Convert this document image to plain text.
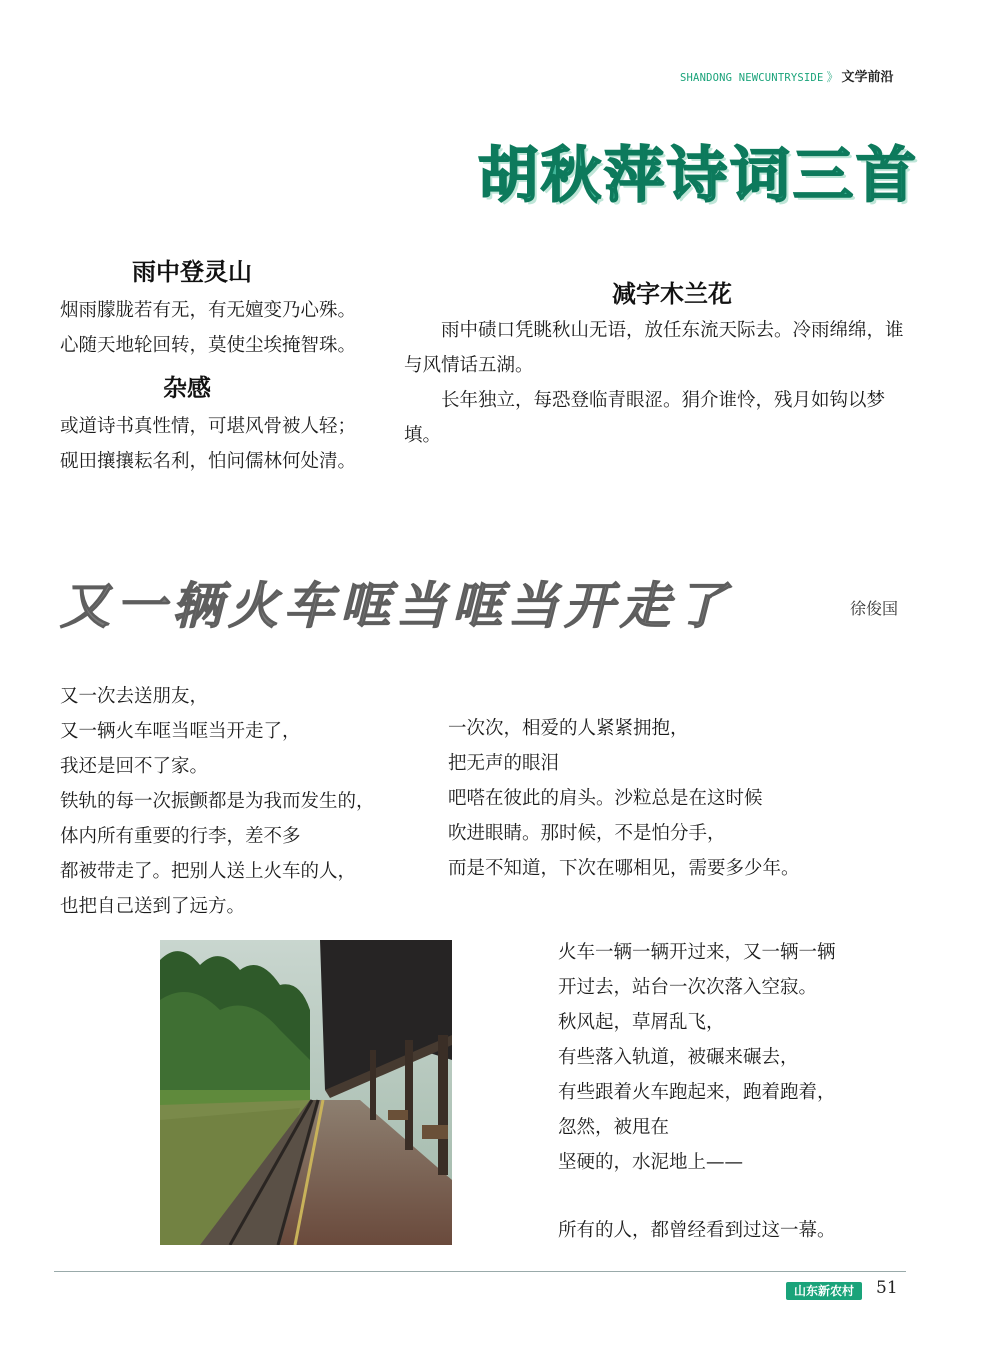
SHANDONG NEWCUNTRYSIDE 》 文学前沿
胡秋萍诗词三首
雨中登灵山
烟雨朦胧若有无，有无嬗变乃心殊。
心随天地轮回转，莫使尘埃掩智珠。
杂感
或道诗书真性情，可堪风骨被人轻；
砚田攘攘耘名利，怕问儒林何处清。
减字木兰花
雨中碛口凭眺秋山无语，放任东流天际去。冷雨绵绵，谁与风情话五湖。
长年独立，每恐登临青眼涩。狷介谁怜，残月如钩以梦填。
又一辆火车哐当哐当开走了	徐俊国
又一次去送朋友，
又一辆火车哐当哐当开走了，
我还是回不了家。
铁轨的每一次振颤都是为我而发生的，
体内所有重要的行李，差不多
都被带走了。把别人送上火车的人，
也把自己送到了远方。
一次次，相爱的人紧紧拥抱，
把无声的眼泪
吧嗒在彼此的肩头。沙粒总是在这时候
吹进眼睛。那时候，不是怕分手，
而是不知道，下次在哪相见，需要多少年。
火车一辆一辆开过来，又一辆一辆
开过去，站台一次次落入空寂。
秋风起，草屑乱飞，
有些落入轨道，被碾来碾去，
有些跟着火车跑起来，跑着跑着，
忽然，被甩在
坚硬的，水泥地上——
所有的人，都曾经看到过这一幕。
山东新农村	51
